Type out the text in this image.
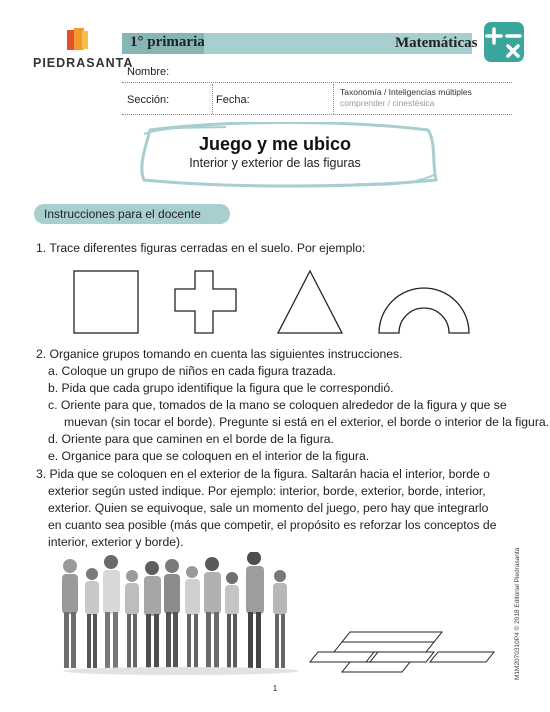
PIEDRASANTA
1° primaria	Matemáticas
Nombre:
Sección:	Fecha:
Taxonomía / Inteligencias múltiples
comprender / cinestésica
Juego y me ubico
Interior y exterior de las figuras
Instrucciones para el docente
1. Trace diferentes figuras cerradas en el suelo. Por ejemplo:
2. Organice grupos tomando en cuenta las siguientes instrucciones.
a. Coloque un grupo de niños en cada figura trazada.
b. Pida que cada grupo identifique la figura que le correspondió.
c. Oriente para que, tomados de la mano se coloquen alrededor de la figura y que se
muevan (sin tocar el borde). Pregunte si está en el exterior, el borde o interior de la figura.
d. Oriente para que caminen en el borde de la figura.
e. Organice para que se coloquen en el interior de la figura.
3. Pida que se coloquen en el exterior de la figura. Saltarán hacia el interior, borde o
exterior según usted indique. Por ejemplo: interior, borde, exterior, borde, interior,
exterior. Quien se equivoque, sale un momento del juego, pero hay que integrarlo
en cuanto sea posible (más que competir, el propósito es reforzar los conceptos de
interior, exterior y borde).
1
M1M2070310P4 © 2018 Editorial Piedrasanta
